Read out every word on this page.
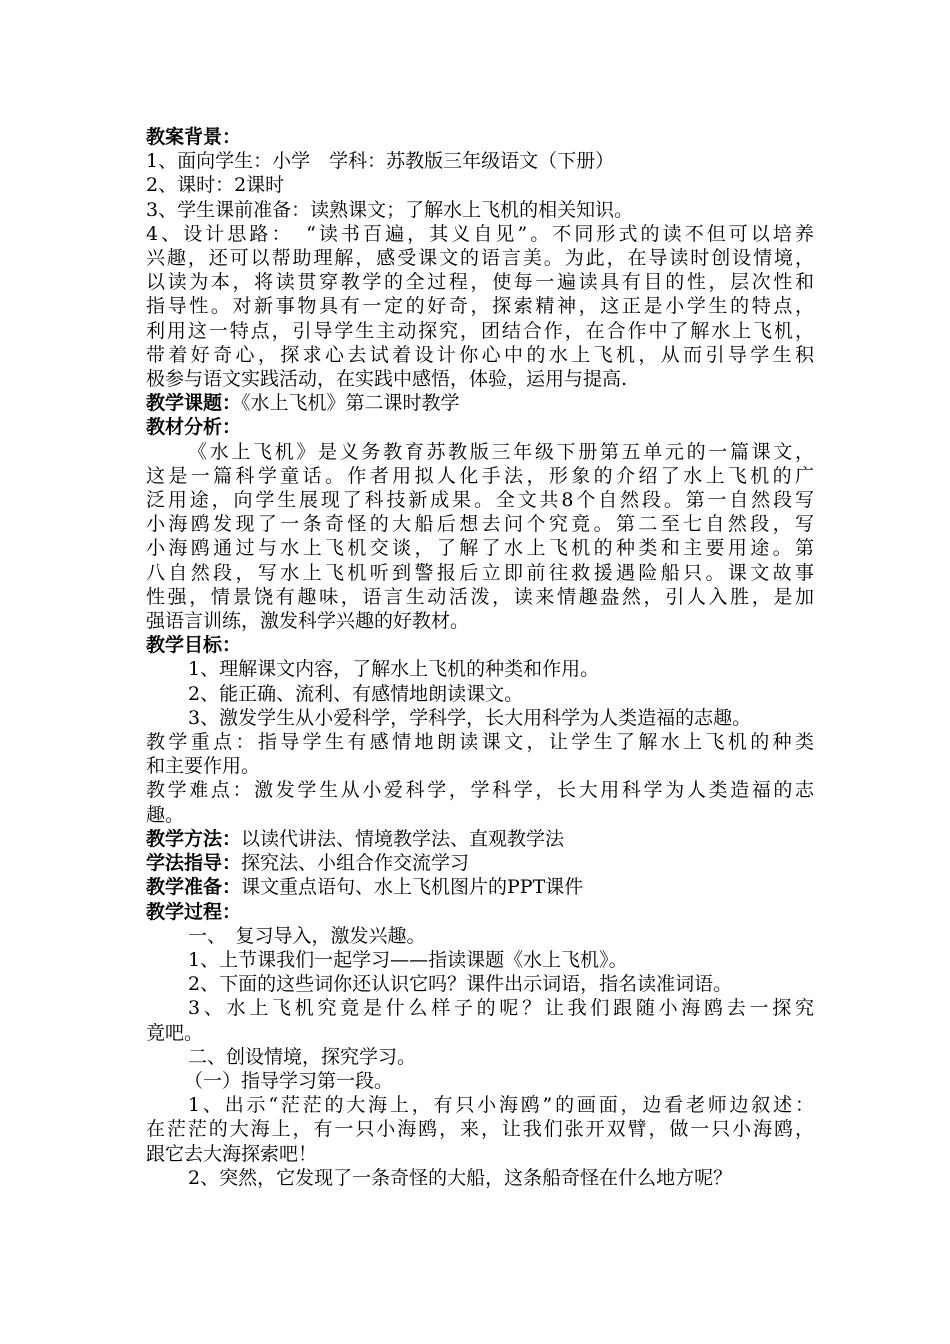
教案背景：
1、面向学生：小学　学科：苏教版三年级语文（下册）
2、课时：2课时
3、学生课前准备：读熟课文；了解水上飞机的相关知识。
4、设计思路：　“读书百遍，其义自见”。不同形式的读不但可以培养
兴趣，还可以帮助理解，感受课文的语言美。为此，在导读时创设情境，
以读为本，将读贯穿教学的全过程，使每一遍读具有目的性，层次性和
指导性。对新事物具有一定的好奇，探索精神，这正是小学生的特点，
利用这一特点，引导学生主动探究，团结合作，在合作中了解水上飞机，
带着好奇心，探求心去试着设计你心中的水上飞机，从而引导学生积
极参与语文实践活动，在实践中感悟，体验，运用与提高.
教学课题：《水上飞机》第二课时教学
教材分析：
《水上飞机》是义务教育苏教版三年级下册第五单元的一篇课文，
这是一篇科学童话。作者用拟人化手法，形象的介绍了水上飞机的广
泛用途，向学生展现了科技新成果。全文共8个自然段。第一自然段写
小海鸥发现了一条奇怪的大船后想去问个究竟。第二至七自然段，写
小海鸥通过与水上飞机交谈，了解了水上飞机的种类和主要用途。第
八自然段，写水上飞机听到警报后立即前往救援遇险船只。课文故事
性强，情景饶有趣味，语言生动活泼，读来情趣盎然，引人入胜，是加
强语言训练，激发科学兴趣的好教材。
教学目标：
1、理解课文内容，了解水上飞机的种类和作用。
2、能正确、流利、有感情地朗读课文。
3、激发学生从小爱科学，学科学，长大用科学为人类造福的志趣。
教学重点：指导学生有感情地朗读课文，让学生了解水上飞机的种类
和主要作用。
教学难点：激发学生从小爱科学，学科学，长大用科学为人类造福的志
趣。
教学方法：以读代讲法、情境教学法、直观教学法
学法指导：探究法、小组合作交流学习
教学准备：课文重点语句、水上飞机图片的PPT课件
教学过程：
一、　复习导入，激发兴趣。
1、上节课我们一起学习——指读课题《水上飞机》。
2、下面的这些词你还认识它吗？课件出示词语，指名读准词语。
3、水上飞机究竟是什么样子的呢？让我们跟随小海鸥去一探究
竟吧。
二、创设情境，探究学习。
（一）指导学习第一段。
1、出示“茫茫的大海上，有只小海鸥”的画面，边看老师边叙述：
在茫茫的大海上，有一只小海鸥，来，让我们张开双臂，做一只小海鸥，
跟它去大海探索吧！
2、突然，它发现了一条奇怪的大船，这条船奇怪在什么地方呢？
